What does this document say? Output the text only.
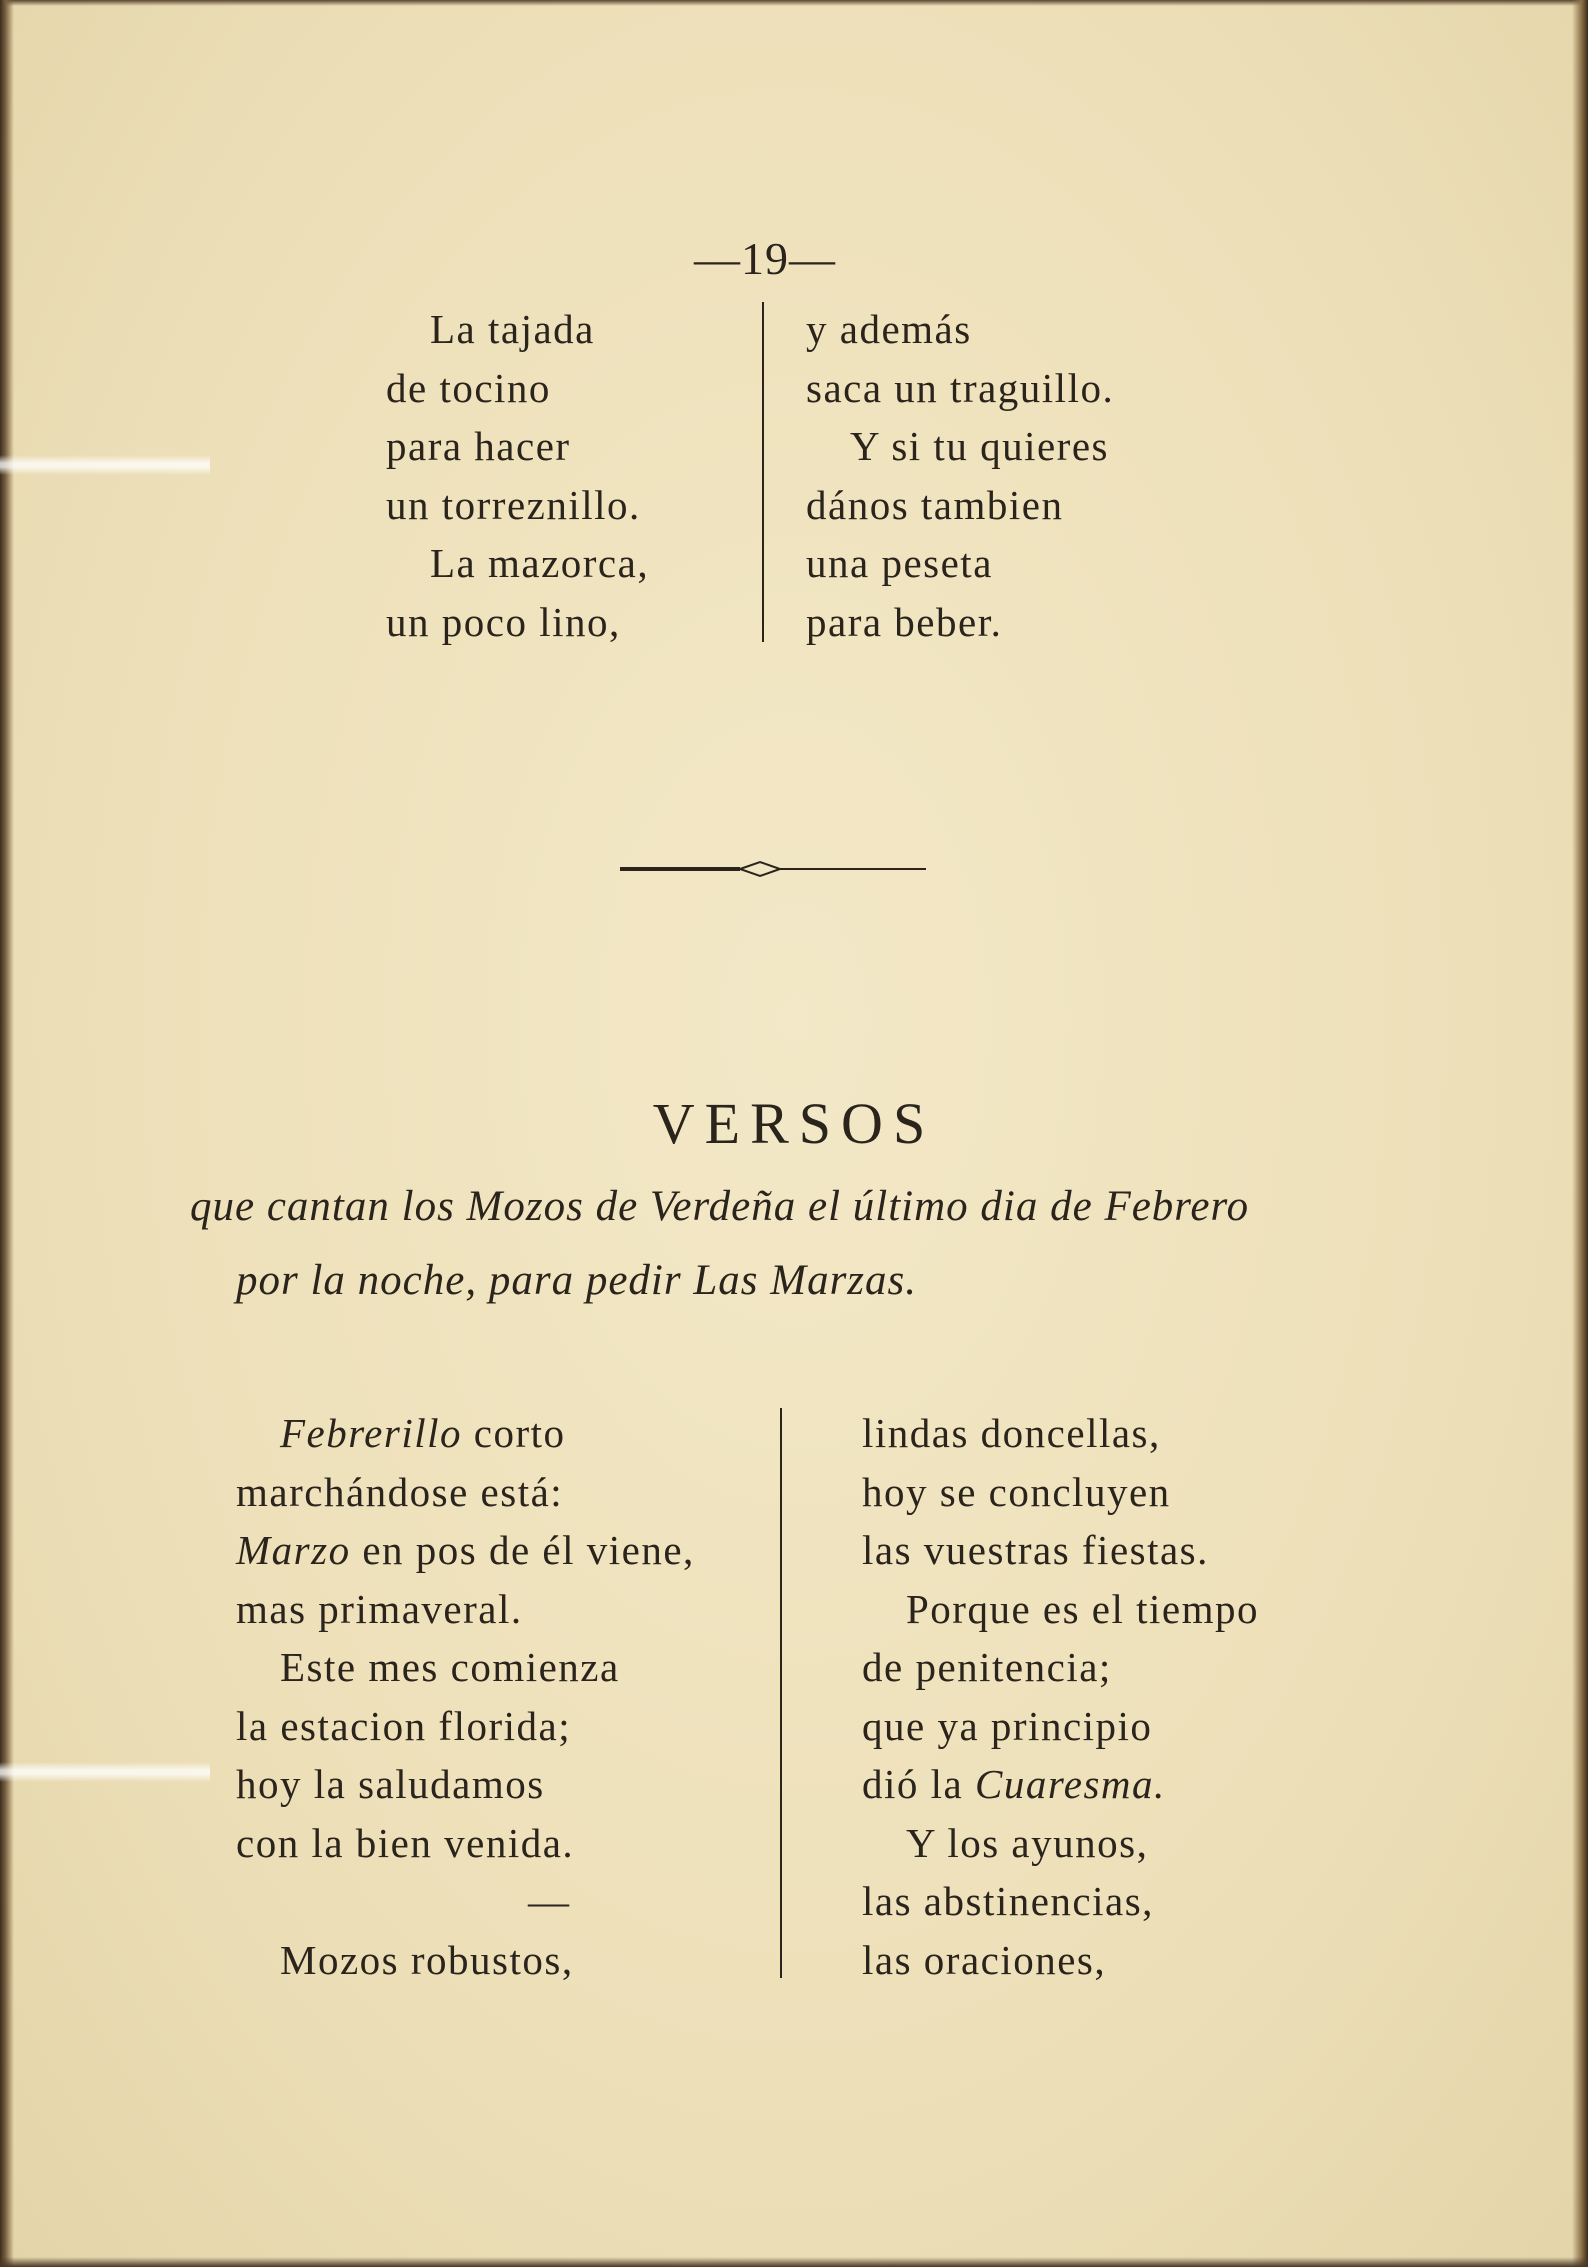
—19—
La tajada
de tocino
para hacer
un torreznillo.
La mazorca,
un poco lino,
y además
saca un traguillo.
Y si tu quieres
dános tambien
una peseta
para beber.
VERSOS
que cantan los Mozos de Verdeña el último dia de Febrero
por la noche, para pedir Las Marzas.
Febrerillo corto
marchándose está:
Marzo en pos de él viene,
mas primaveral.
Este mes comienza
la estacion florida;
hoy la saludamos
con la bien venida.
—
Mozos robustos,
lindas doncellas,
hoy se concluyen
las vuestras fiestas.
Porque es el tiempo
de penitencia;
que ya principio
dió la Cuaresma.
Y los ayunos,
las abstinencias,
las oraciones,
